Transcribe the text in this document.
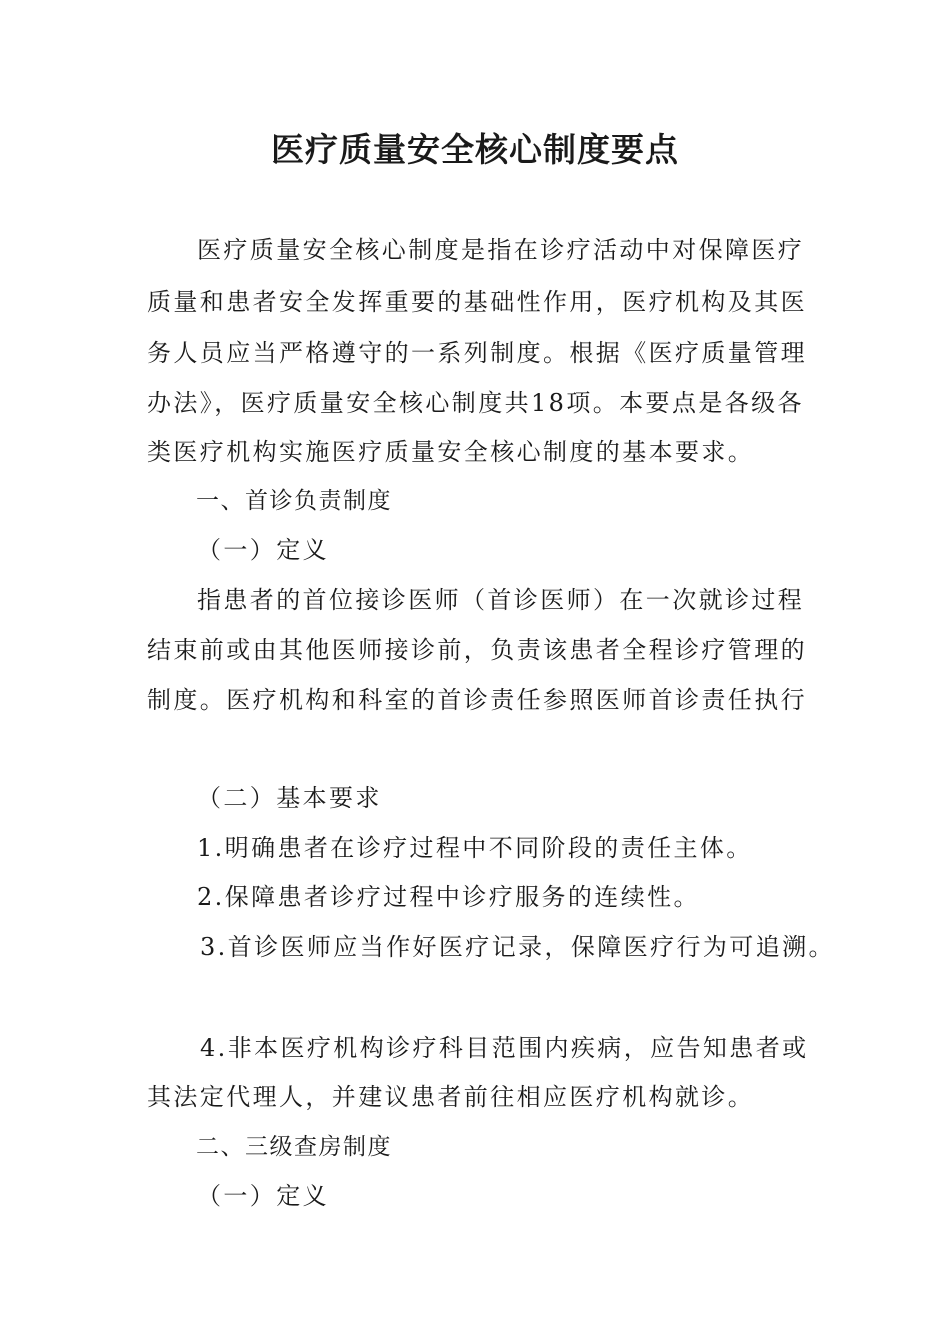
医疗质量安全核心制度要点
医疗质量安全核心制度是指在诊疗活动中对保障医疗
质量和患者安全发挥重要的基础性作用，医疗机构及其医
务人员应当严格遵守的一系列制度。根据《医疗质量管理
办法》，医疗质量安全核心制度共18项。本要点是各级各
类医疗机构实施医疗质量安全核心制度的基本要求。
一、首诊负责制度
（一）定义
指患者的首位接诊医师（首诊医师）在一次就诊过程
结束前或由其他医师接诊前，负责该患者全程诊疗管理的
制度。医疗机构和科室的首诊责任参照医师首诊责任执行
（二）基本要求
1.明确患者在诊疗过程中不同阶段的责任主体。
2.保障患者诊疗过程中诊疗服务的连续性。
3.首诊医师应当作好医疗记录，保障医疗行为可追溯。
4.非本医疗机构诊疗科目范围内疾病，应告知患者或
其法定代理人，并建议患者前往相应医疗机构就诊。
二、三级查房制度
（一）定义
